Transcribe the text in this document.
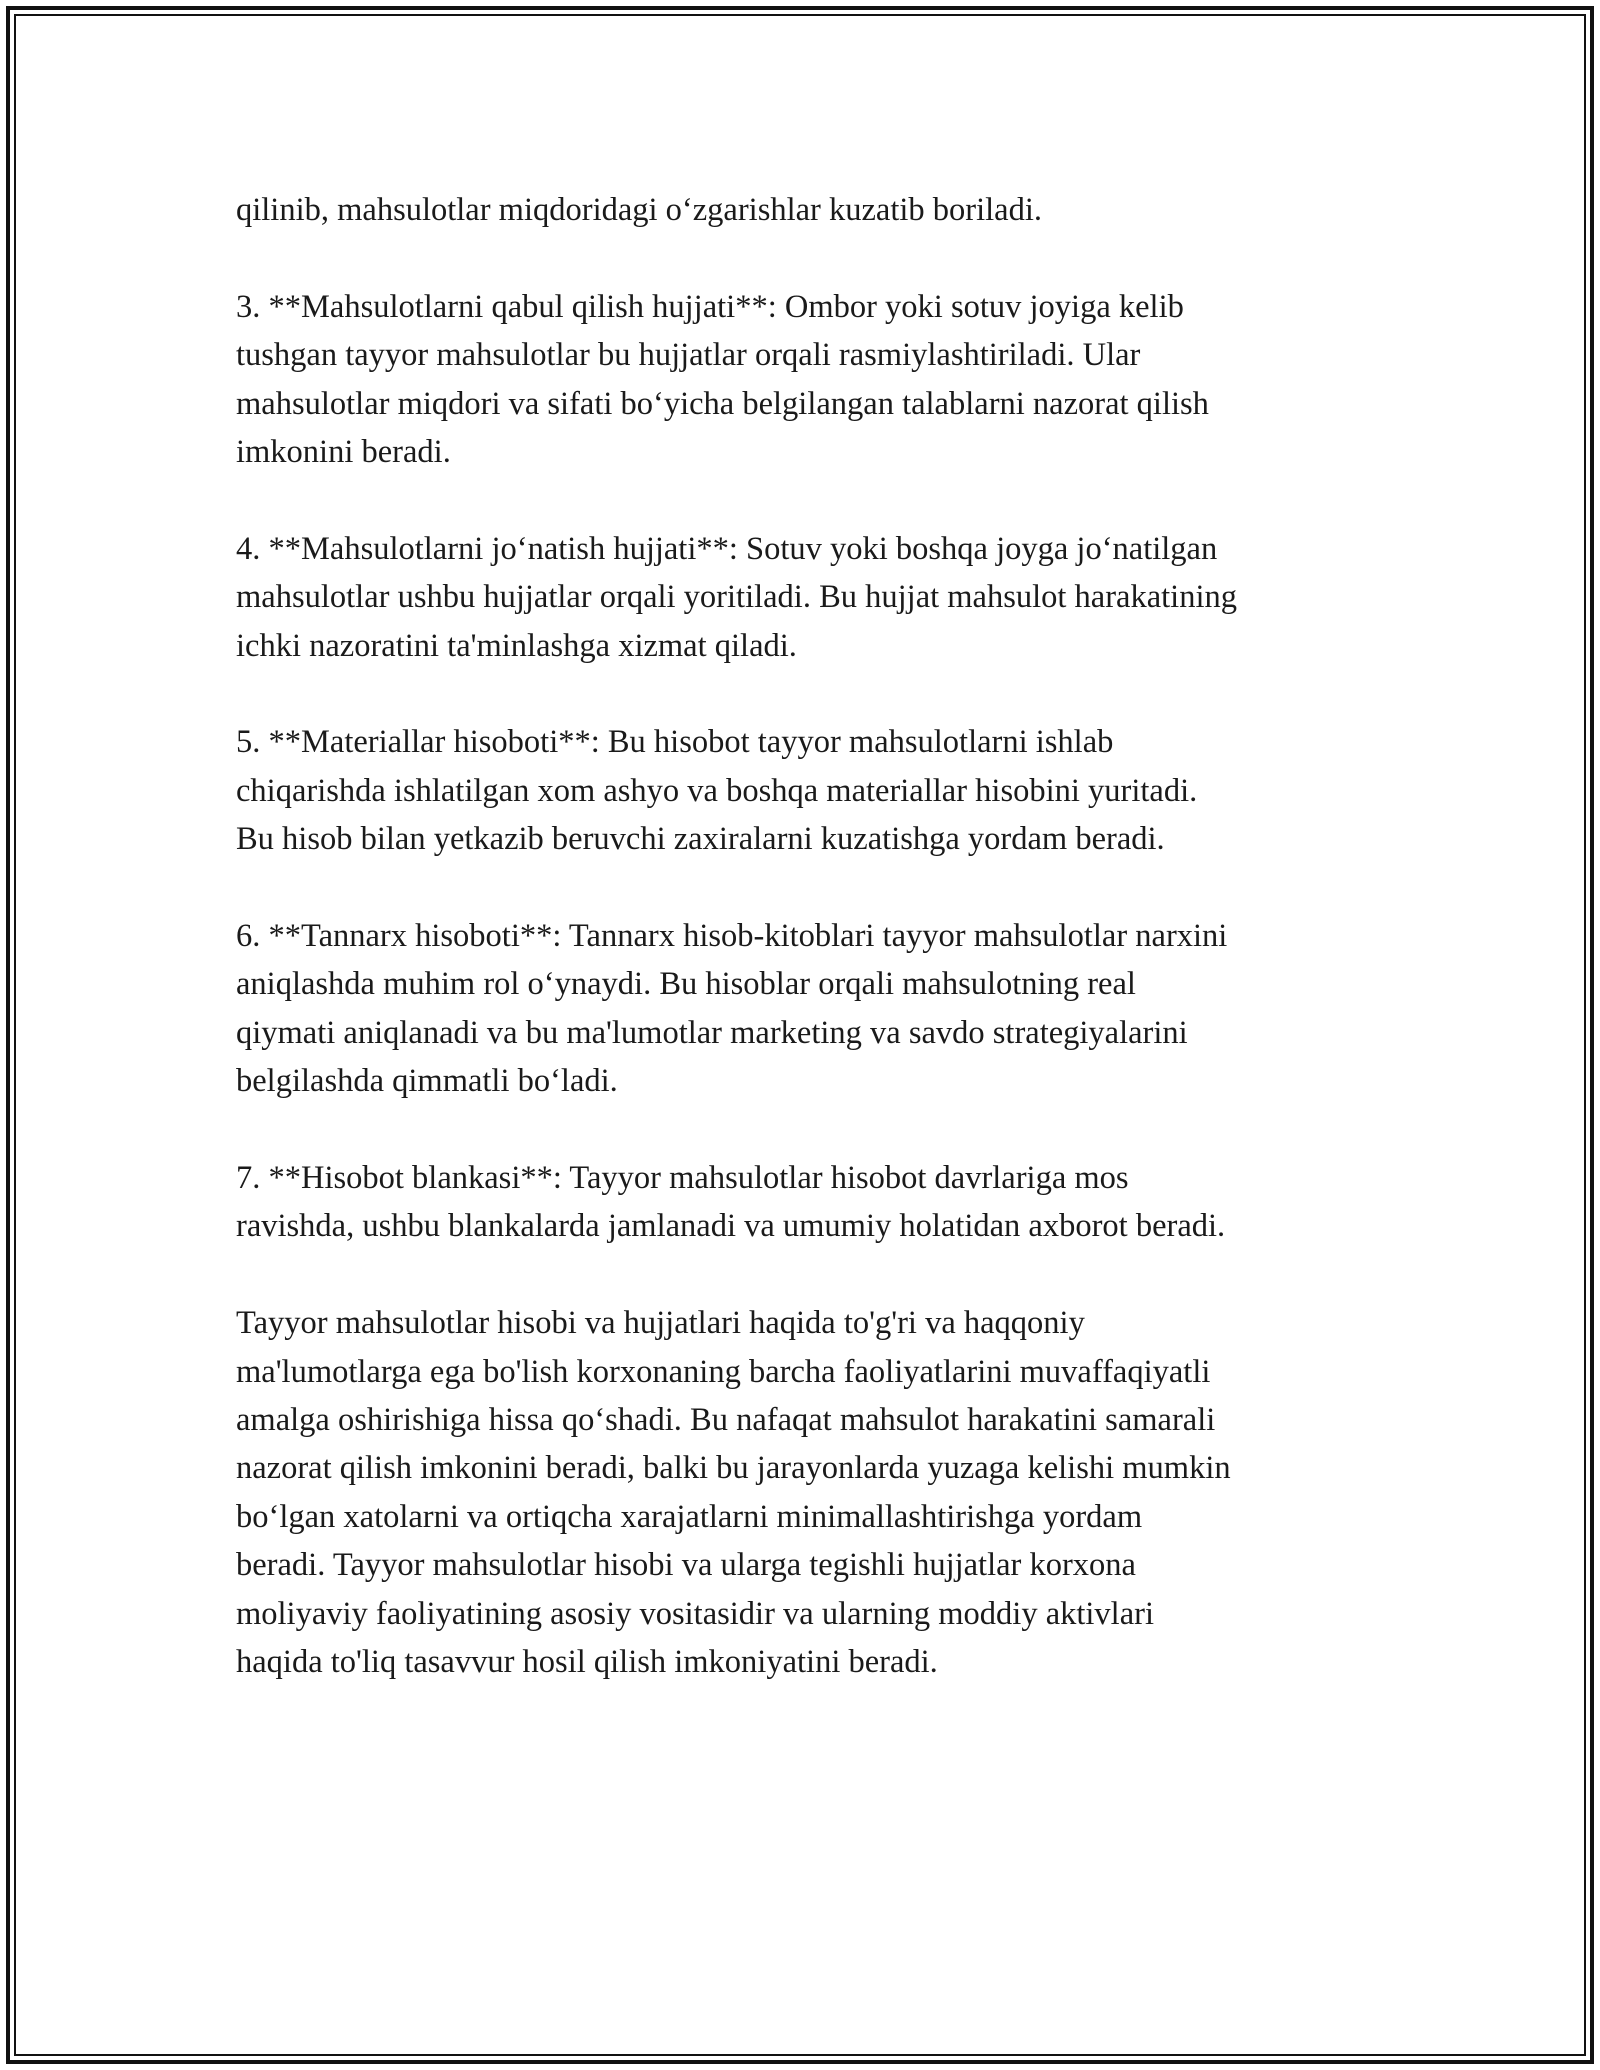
qilinib, mahsulotlar miqdoridagi o‘zgarishlar kuzatib boriladi.

3. **Mahsulotlarni qabul qilish hujjati**: Ombor yoki sotuv joyiga kelib
tushgan tayyor mahsulotlar bu hujjatlar orqali rasmiylashtiriladi. Ular
mahsulotlar miqdori va sifati bo‘yicha belgilangan talablarni nazorat qilish
imkonini beradi.

4. **Mahsulotlarni jo‘natish hujjati**: Sotuv yoki boshqa joyga jo‘natilgan
mahsulotlar ushbu hujjatlar orqali yoritiladi. Bu hujjat mahsulot harakatining
ichki nazoratini ta'minlashga xizmat qiladi.

5. **Materiallar hisoboti**: Bu hisobot tayyor mahsulotlarni ishlab
chiqarishda ishlatilgan xom ashyo va boshqa materiallar hisobini yuritadi.
Bu hisob bilan yetkazib beruvchi zaxiralarni kuzatishga yordam beradi.

6. **Tannarx hisoboti**: Tannarx hisob-kitoblari tayyor mahsulotlar narxini
aniqlashda muhim rol o‘ynaydi. Bu hisoblar orqali mahsulotning real
qiymati aniqlanadi va bu ma'lumotlar marketing va savdo strategiyalarini
belgilashda qimmatli bo‘ladi.

7. **Hisobot blankasi**: Tayyor mahsulotlar hisobot davrlariga mos
ravishda, ushbu blankalarda jamlanadi va umumiy holatidan axborot beradi.

Tayyor mahsulotlar hisobi va hujjatlari haqida to'g'ri va haqqoniy
ma'lumotlarga ega bo'lish korxonaning barcha faoliyatlarini muvaffaqiyatli
amalga oshirishiga hissa qo‘shadi. Bu nafaqat mahsulot harakatini samarali
nazorat qilish imkonini beradi, balki bu jarayonlarda yuzaga kelishi mumkin
bo‘lgan xatolarni va ortiqcha xarajatlarni minimallashtirishga yordam
beradi. Tayyor mahsulotlar hisobi va ularga tegishli hujjatlar korxona
moliyaviy faoliyatining asosiy vositasidir va ularning moddiy aktivlari
haqida to'liq tasavvur hosil qilish imkoniyatini beradi.
